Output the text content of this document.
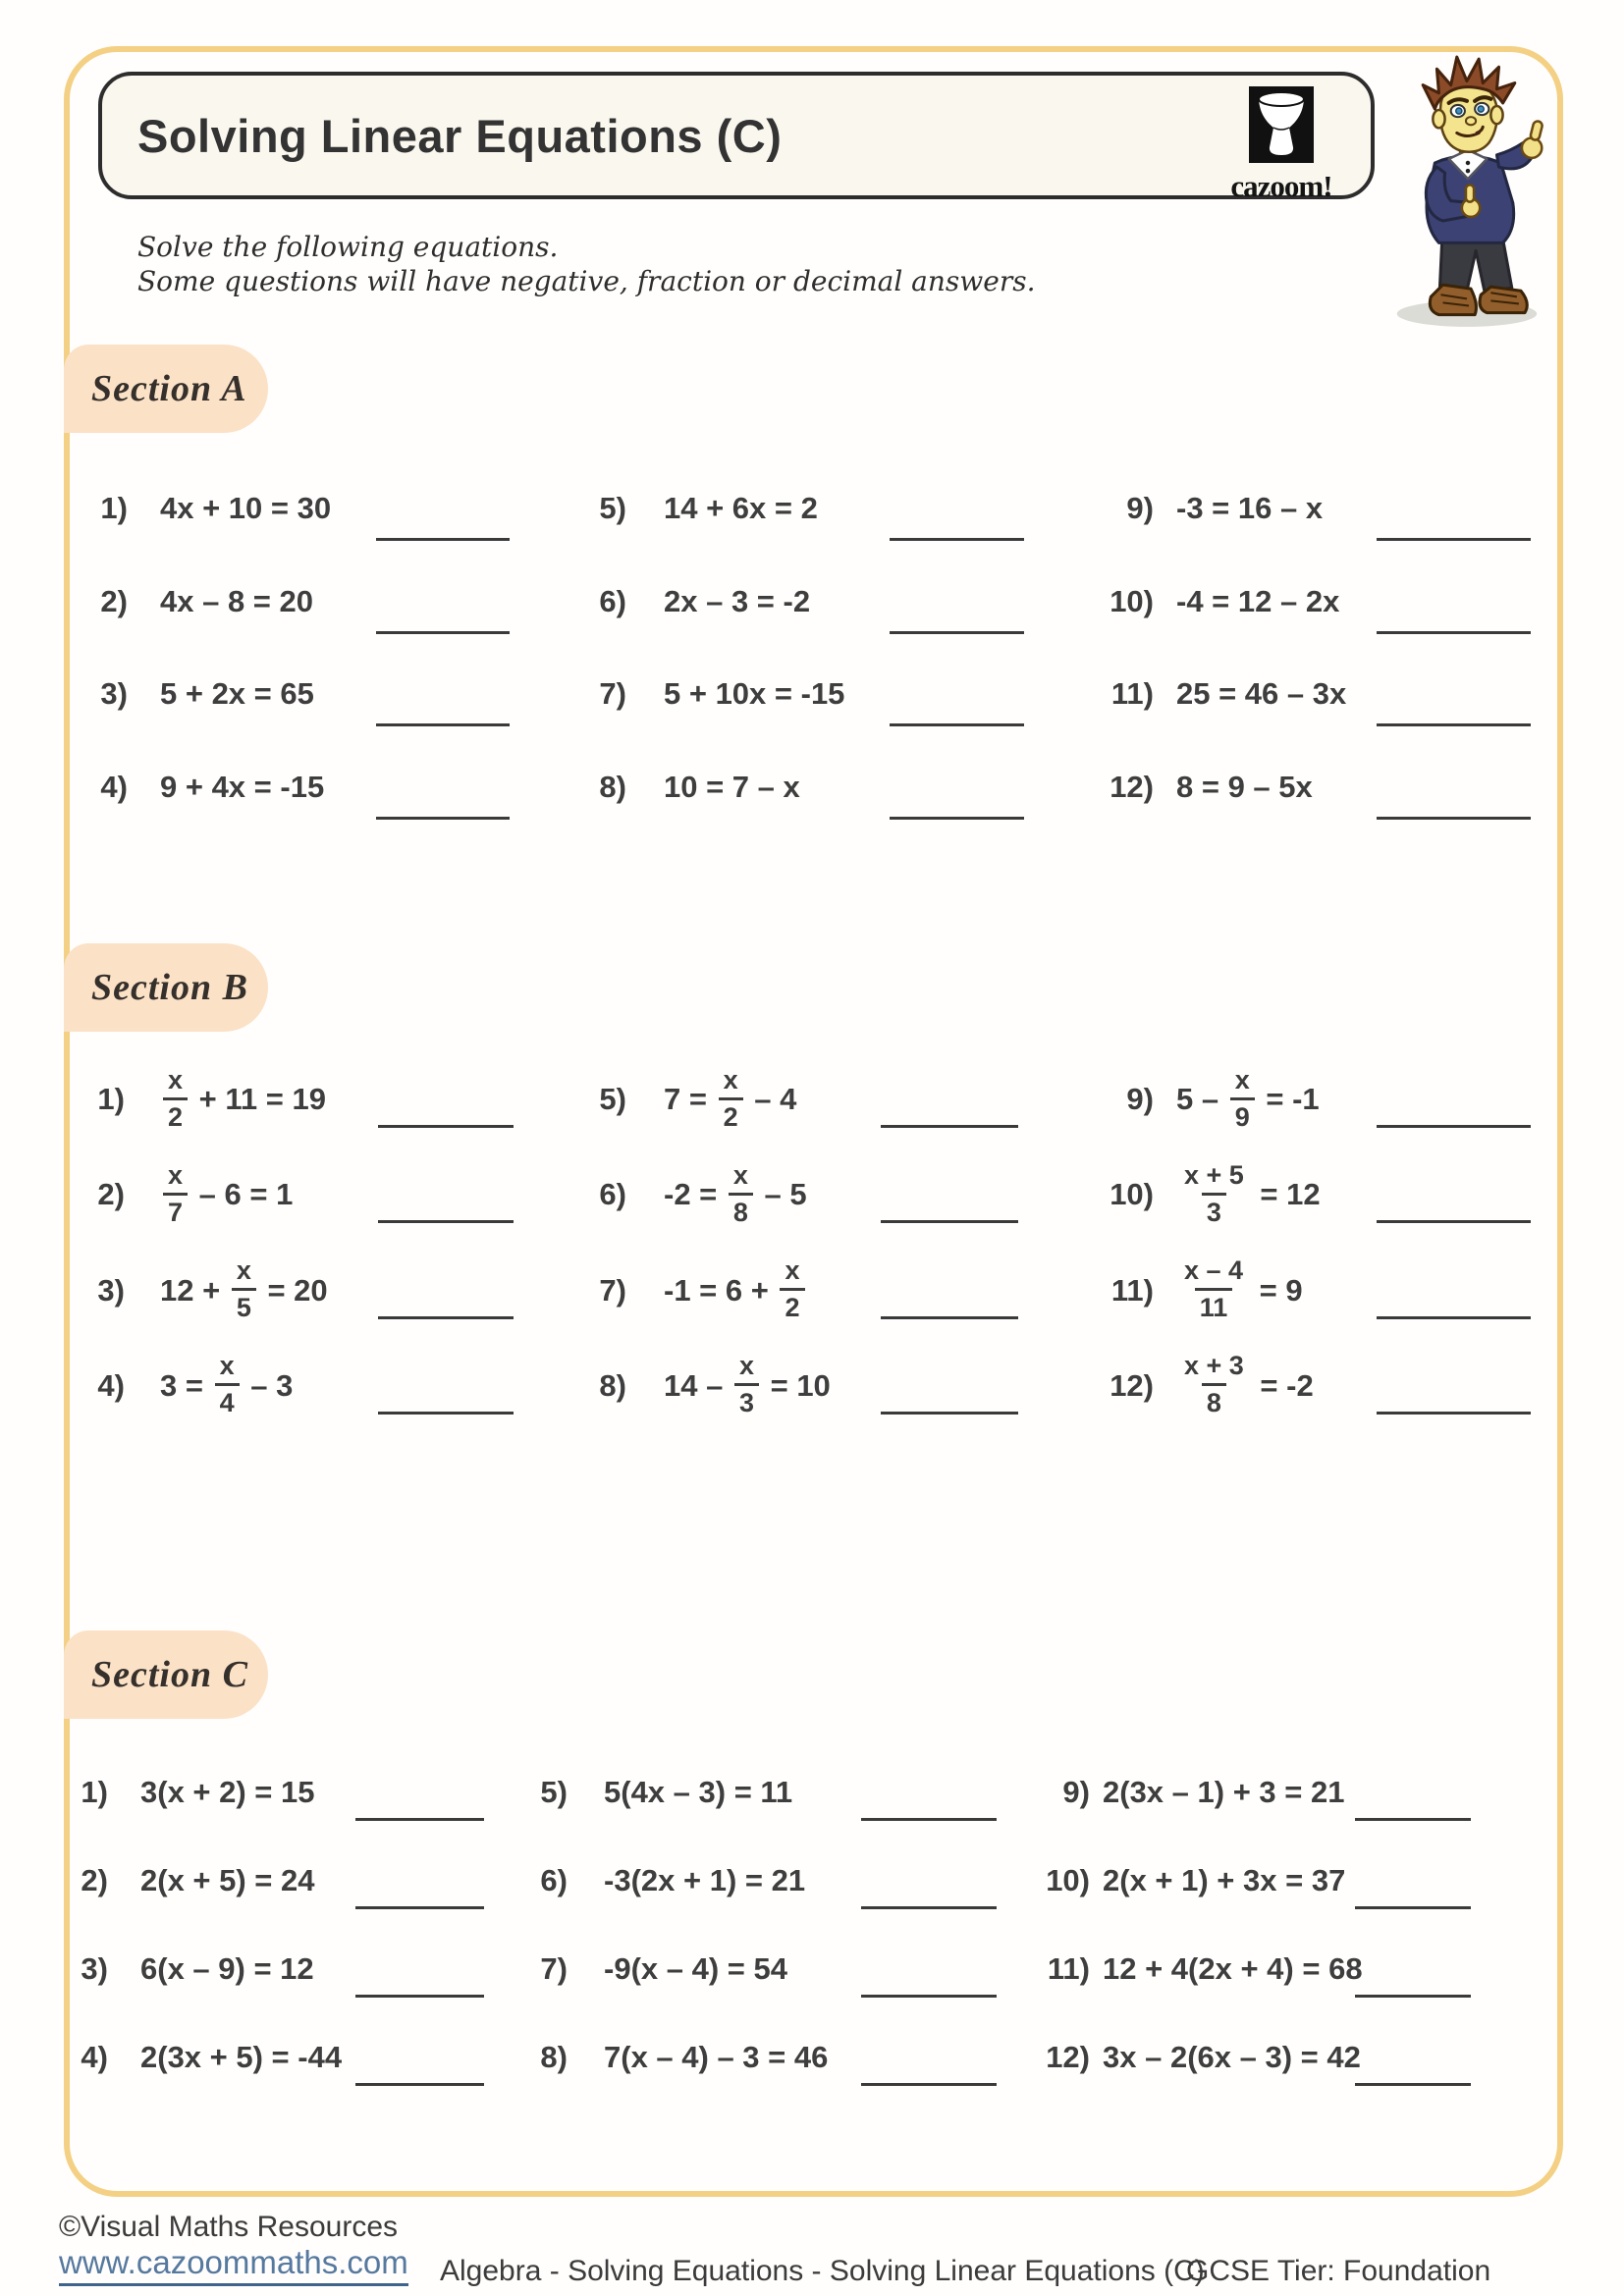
Solving Linear Equations (C)
cazoom!

Solve the following equations.

Some questions will have negative, fraction or decimal answers.

Section A
1) 4x + 10 = 30
2) 4x – 8 = 20
3) 5 + 2x = 65
4) 9 + 4x = -15
5) 14 + 6x = 2
6) 2x – 3 = -2
7) 5 + 10x = -15
8) 10 = 7 – x
9) -3 = 16 – x
10) -4 = 12 – 2x
11) 25 = 46 – 3x
12) 8 = 9 – 5x
Section B
$1) \frac{x}{2} + 11 = 19$
$2) \frac{x}{7} - 6 = 1$
3) $12 + \frac{x}{5} = 20$
4) $3 = \frac{x}{4} - 3$
5) $7 = \frac{x}{2} - 4$
6) $-2 = \frac{x}{8} - 5$
7) $-1 = 6 + \frac{x}{2}$
8) $14 - \frac{x}{3} = 10$
9) $5 - \frac{x}{9} = -1$
$10) \frac{x + 5}{3} = 12$
$11) \frac{x - 4}{11} = 9$
$12) \frac{x + 3}{8} = -2$
Section C
1) 3(x + 2) = 15
2) 2(x + 5) = 24
3) 6(x – 9) = 12
4) 2(3x + 5) = -44
5) 5(4x – 3) = 11
6) -3(2x + 1) = 21
7) -9(x – 4) = 54
8) 7(x – 4) – 3 = 46
9) 2(3x – 1) + 3 = 21
10) 2(x + 1) + 3x = 37
11) 12 + 4(2x + 4) = 68
12) 3x – 2(6x – 3) = 42
©Visual Maths Resources
www.cazoommaths.com Algebra - Solving Equations - Solving Linear Equations (C)
GCSE Tier: Foundation
